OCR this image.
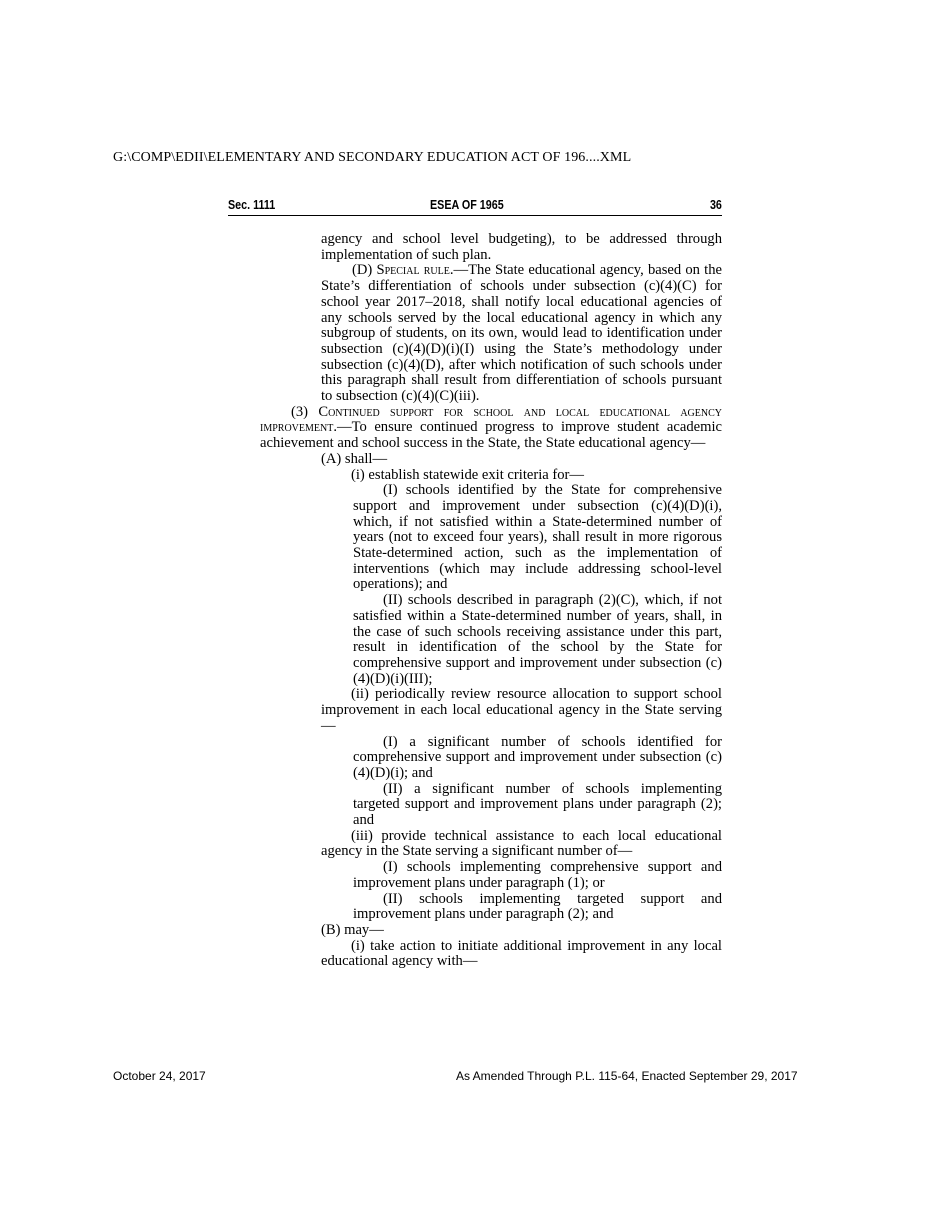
G:\COMP\EDII\ELEMENTARY AND SECONDARY EDUCATION ACT OF 196....XML
Sec. 1111	ESEA OF 1965	36

agency and school level budgeting), to be addressed through implementation of such plan.

(D) Special rule.—The State educational agency, based on the State’s differentiation of schools under subsection (c)(4)(C) for school year 2017–2018, shall notify local educational agencies of any schools served by the local educational agency in which any subgroup of students, on its own, would lead to identification under subsection (c)(4)(D)(i)(I) using the State’s methodology under subsection (c)(4)(D), after which notification of such schools under this paragraph shall result from differentiation of schools pursuant to subsection (c)(4)(C)(iii).

(3) Continued support for school and local educational agency improvement.—To ensure continued progress to improve student academic achievement and school success in the State, the State educational agency—

(A) shall—

(i) establish statewide exit criteria for—

(I) schools identified by the State for comprehensive support and improvement under subsection (c)(4)(D)(i), which, if not satisfied within a State-determined number of years (not to exceed four years), shall result in more rigorous State-determined action, such as the implementation of interventions (which may include addressing school-level operations); and

(II) schools described in paragraph (2)(C), which, if not satisfied within a State-determined number of years, shall, in the case of such schools receiving assistance under this part, result in identification of the school by the State for comprehensive support and improvement under subsection (c)(4)(D)(i)(III);

(ii) periodically review resource allocation to support school improvement in each local educational agency in the State serving—

(I) a significant number of schools identified for comprehensive support and improvement under subsection (c)(4)(D)(i); and

(II) a significant number of schools implementing targeted support and improvement plans under paragraph (2); and

(iii) provide technical assistance to each local educational agency in the State serving a significant number of—

(I) schools implementing comprehensive support and improvement plans under paragraph (1); or

(II) schools implementing targeted support and improvement plans under paragraph (2); and

(B) may—

(i) take action to initiate additional improvement in any local educational agency with—

October 24, 2017	As Amended Through P.L. 115-64, Enacted September 29, 2017
